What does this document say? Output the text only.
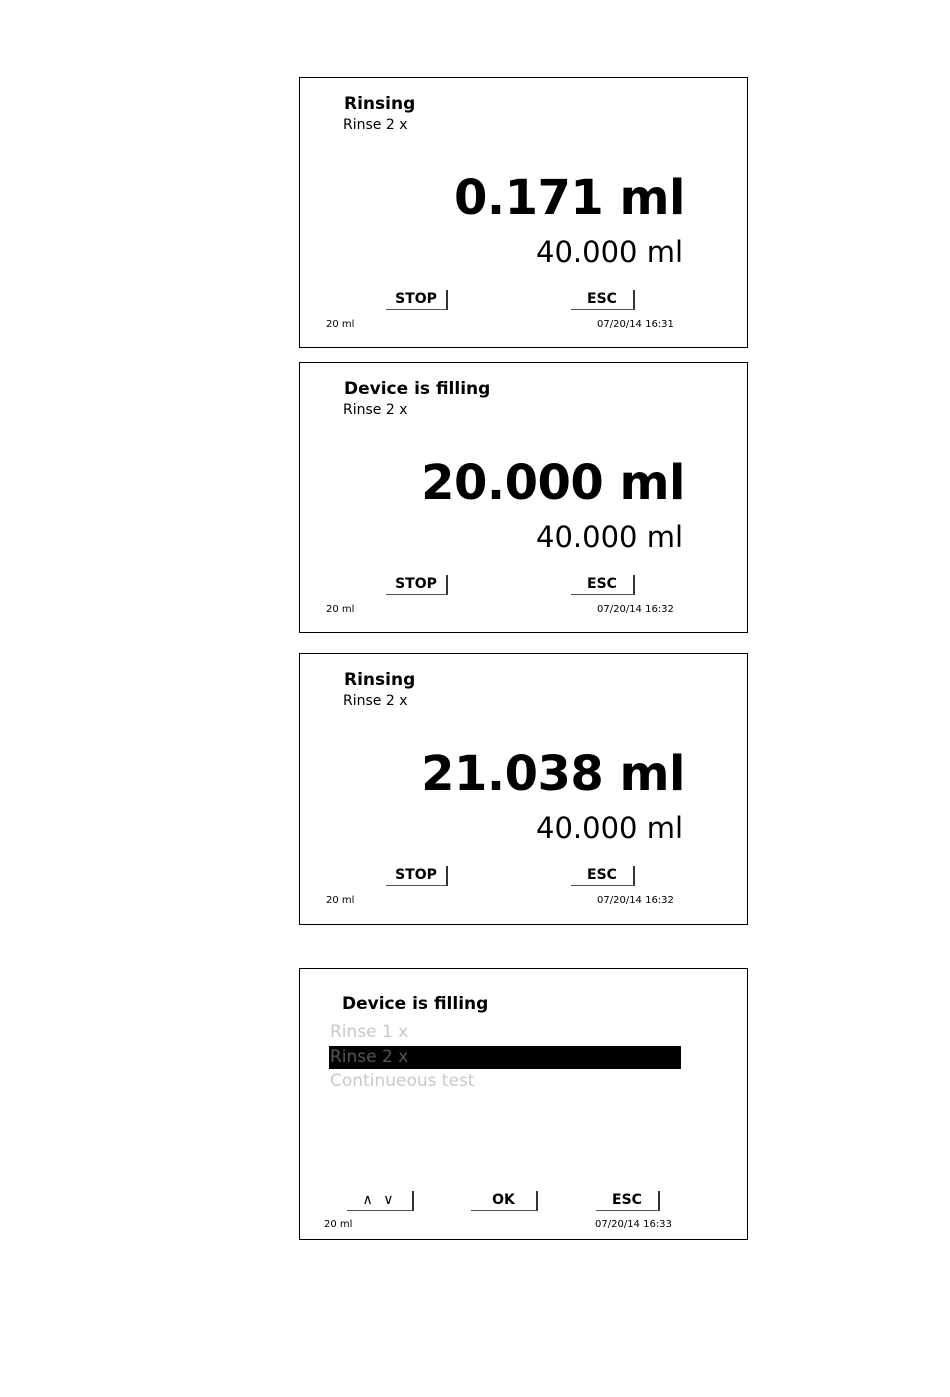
Rinsing
Rinse 2 x
0.171 ml
40.000 ml
STOP	ESC
20 ml	07/20/14 16:31
Device is filling
Rinse 2 x
20.000 ml
40.000 ml
STOP	ESC
20 ml	07/20/14 16:32
Rinsing
Rinse 2 x
21.038 ml
40.000 ml
STOP	ESC
20 ml	07/20/14 16:32
Device is filling
Rinse 1 x
Rinse 2 x
Continueous test
∧ ∨	OK	ESC
20 ml	07/20/14 16:33
